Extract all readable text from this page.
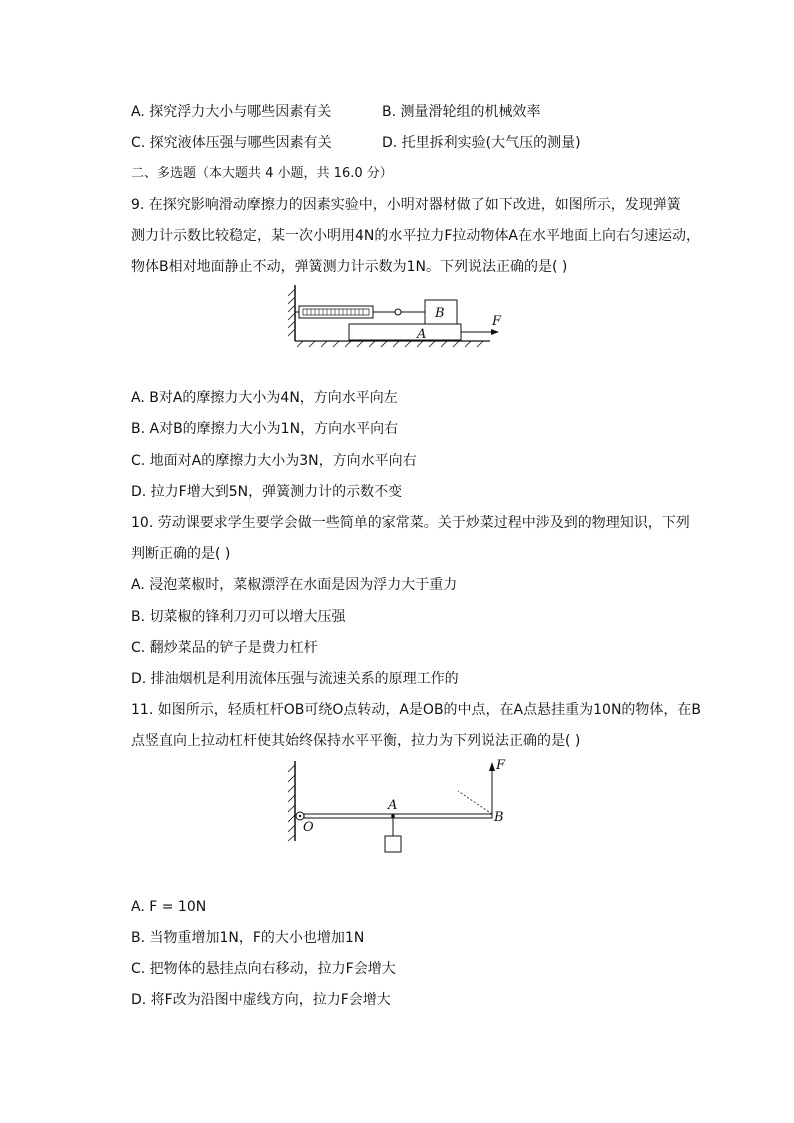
A. 探究浮力大小与哪些因素有关	B. 测量滑轮组的机械效率
C. 探究液体压强与哪些因素有关	D. 托里拆利实验(大气压的测量)
二、多选题（本大题共 4 小题，共 16.0 分）
9. 在探究影响滑动摩擦力的因素实验中，小明对器材做了如下改进，如图所示，发现弹簧
测力计示数比较稳定，某一次小明用4N的水平拉力F拉动物体A在水平地面上向右匀速运动，
物体B相对地面静止不动，弹簧测力计示数为1N。下列说法正确的是( )
B
A
F
A. B对A的摩擦力大小为4N，方向水平向左
B. A对B的摩擦力大小为1N，方向水平向右
C. 地面对A的摩擦力大小为3N，方向水平向右
D. 拉力F增大到5N，弹簧测力计的示数不变
10. 劳动课要求学生要学会做一些简单的家常菜。关于炒菜过程中涉及到的物理知识，下列
判断正确的是( )
A. 浸泡菜椒时，菜椒漂浮在水面是因为浮力大于重力
B. 切菜椒的锋利刀刃可以增大压强
C. 翻炒菜品的铲子是费力杠杆
D. 排油烟机是利用流体压强与流速关系的原理工作的
11. 如图所示，轻质杠杆OB可绕O点转动，A是OB的中点，在A点悬挂重为10N的物体，在B
点竖直向上拉动杠杆使其始终保持水平平衡，拉力为下列说法正确的是( )
O
A
B
F
A. F = 10N
B. 当物重增加1N，F的大小也增加1N
C. 把物体的悬挂点向右移动，拉力F会增大
D. 将F改为沿图中虚线方向，拉力F会增大
